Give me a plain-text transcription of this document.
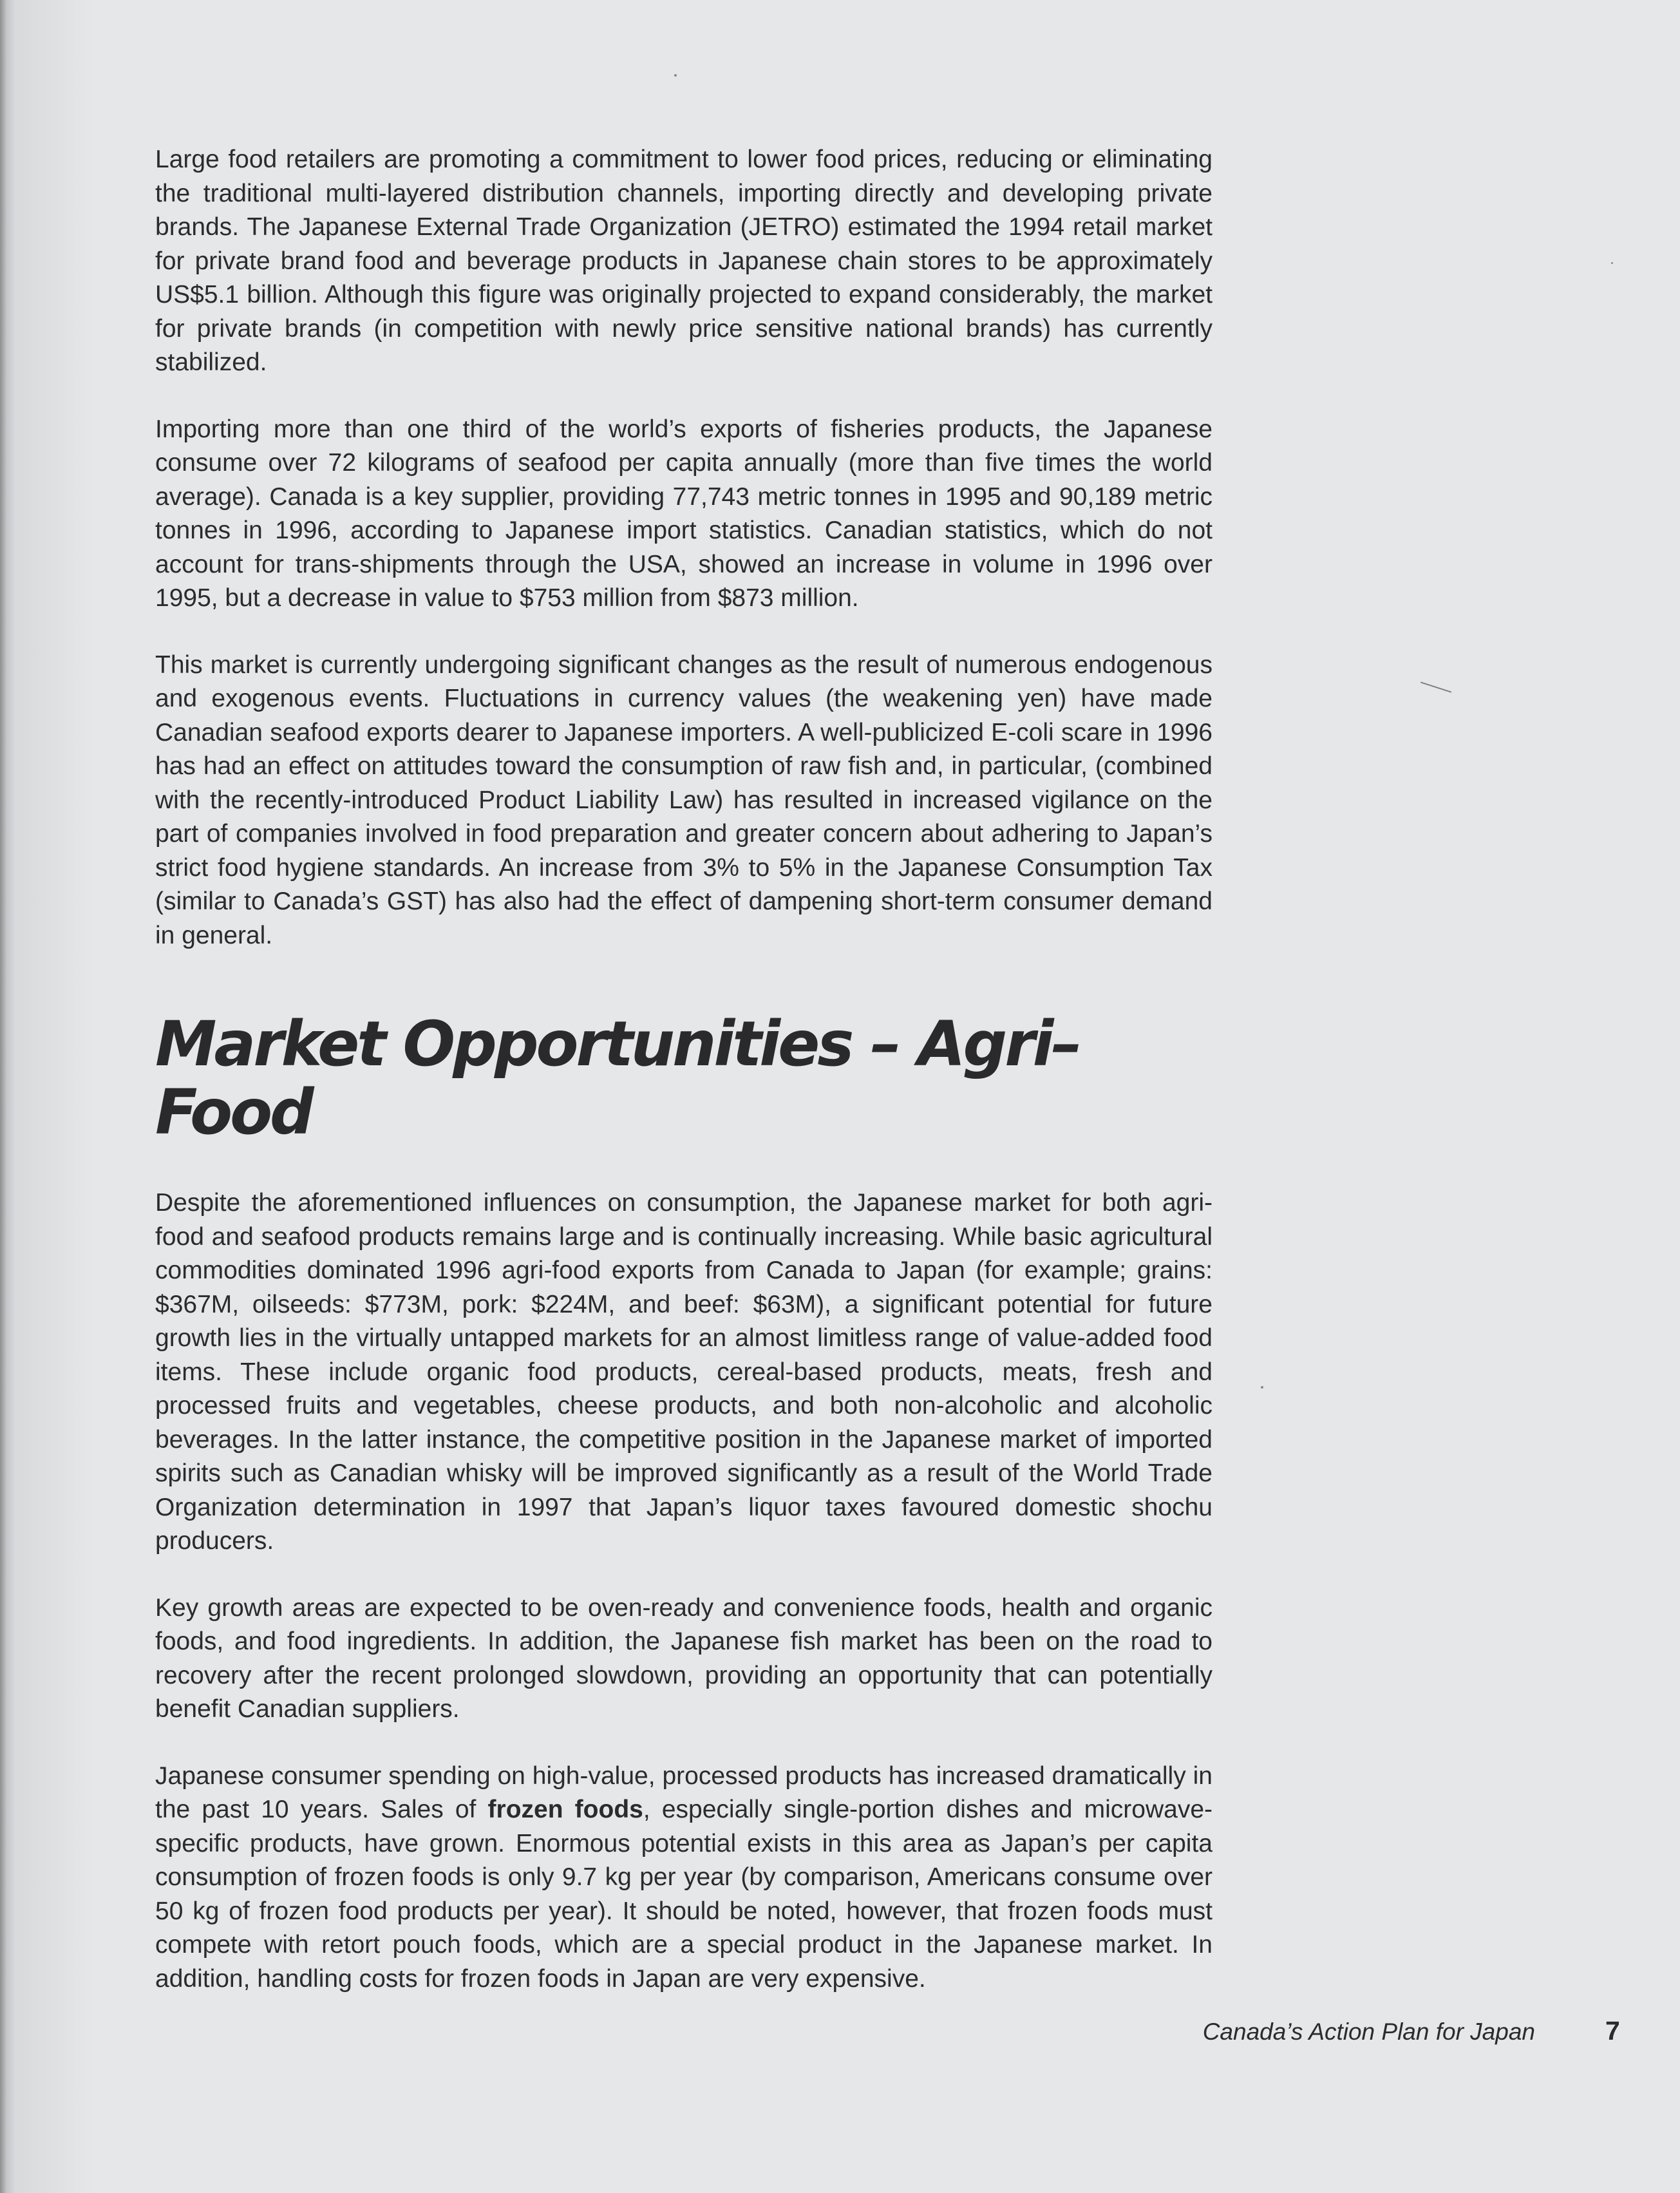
Large food retailers are promoting a commitment to lower food prices, reducing or eliminating the traditional multi-layered distribution channels, importing directly and developing private brands. The Japanese External Trade Organization (JETRO) estimated the 1994 retail market for private brand food and beverage products in Japanese chain stores to be approximately US$5.1 billion. Although this figure was originally projected to expand considerably, the market for private brands (in competition with newly price sensitive national brands) has currently stabilized.

Importing more than one third of the world’s exports of fisheries products, the Japanese consume over 72 kilograms of seafood per capita annually (more than five times the world average). Canada is a key supplier, providing 77,743 metric tonnes in 1995 and 90,189 metric tonnes in 1996, according to Japanese import statistics. Canadian statistics, which do not account for trans-shipments through the USA, showed an increase in volume in 1996 over 1995, but a decrease in value to $753 million from $873 million.

This market is currently undergoing significant changes as the result of numerous endogenous and exogenous events. Fluctuations in currency values (the weakening yen) have made Canadian seafood exports dearer to Japanese importers. A well-publicized E-coli scare in 1996 has had an effect on attitudes toward the consumption of raw fish and, in particular, (combined with the recently-introduced Product Liability Law) has resulted in increased vigilance on the part of companies involved in food preparation and greater concern about adhering to Japan’s strict food hygiene standards. An increase from 3% to 5% in the Japanese Consumption Tax (similar to Canada’s GST) has also had the effect of dampening short-term consumer demand in general.

Market Opportunities – Agri–Food

Despite the aforementioned influences on consumption, the Japanese market for both agri-food and seafood products remains large and is continually increasing. While basic agricultural commodities dominated 1996 agri-food exports from Canada to Japan (for example; grains: $367M, oilseeds: $773M, pork: $224M, and beef: $63M), a significant potential for future growth lies in the virtually untapped markets for an almost limitless range of value-added food items. These include organic food products, cereal-based products, meats, fresh and processed fruits and vegetables, cheese products, and both non-alcoholic and alcoholic beverages. In the latter instance, the competitive position in the Japanese market of imported spirits such as Canadian whisky will be improved significantly as a result of the World Trade Organization determination in 1997 that Japan’s liquor taxes favoured domestic shochu producers.

Key growth areas are expected to be oven-ready and convenience foods, health and organic foods, and food ingredients. In addition, the Japanese fish market has been on the road to recovery after the recent prolonged slowdown, providing an opportunity that can potentially benefit Canadian suppliers.

Japanese consumer spending on high-value, processed products has increased dramatically in the past 10 years. Sales of frozen foods, especially single-portion dishes and microwave-specific products, have grown. Enormous potential exists in this area as Japan’s per capita consumption of frozen foods is only 9.7 kg per year (by comparison, Americans consume over 50 kg of frozen food products per year). It should be noted, however, that frozen foods must compete with retort pouch foods, which are a special product in the Japanese market. In addition, handling costs for frozen foods in Japan are very expensive.

Canada’s Action Plan for Japan	7
